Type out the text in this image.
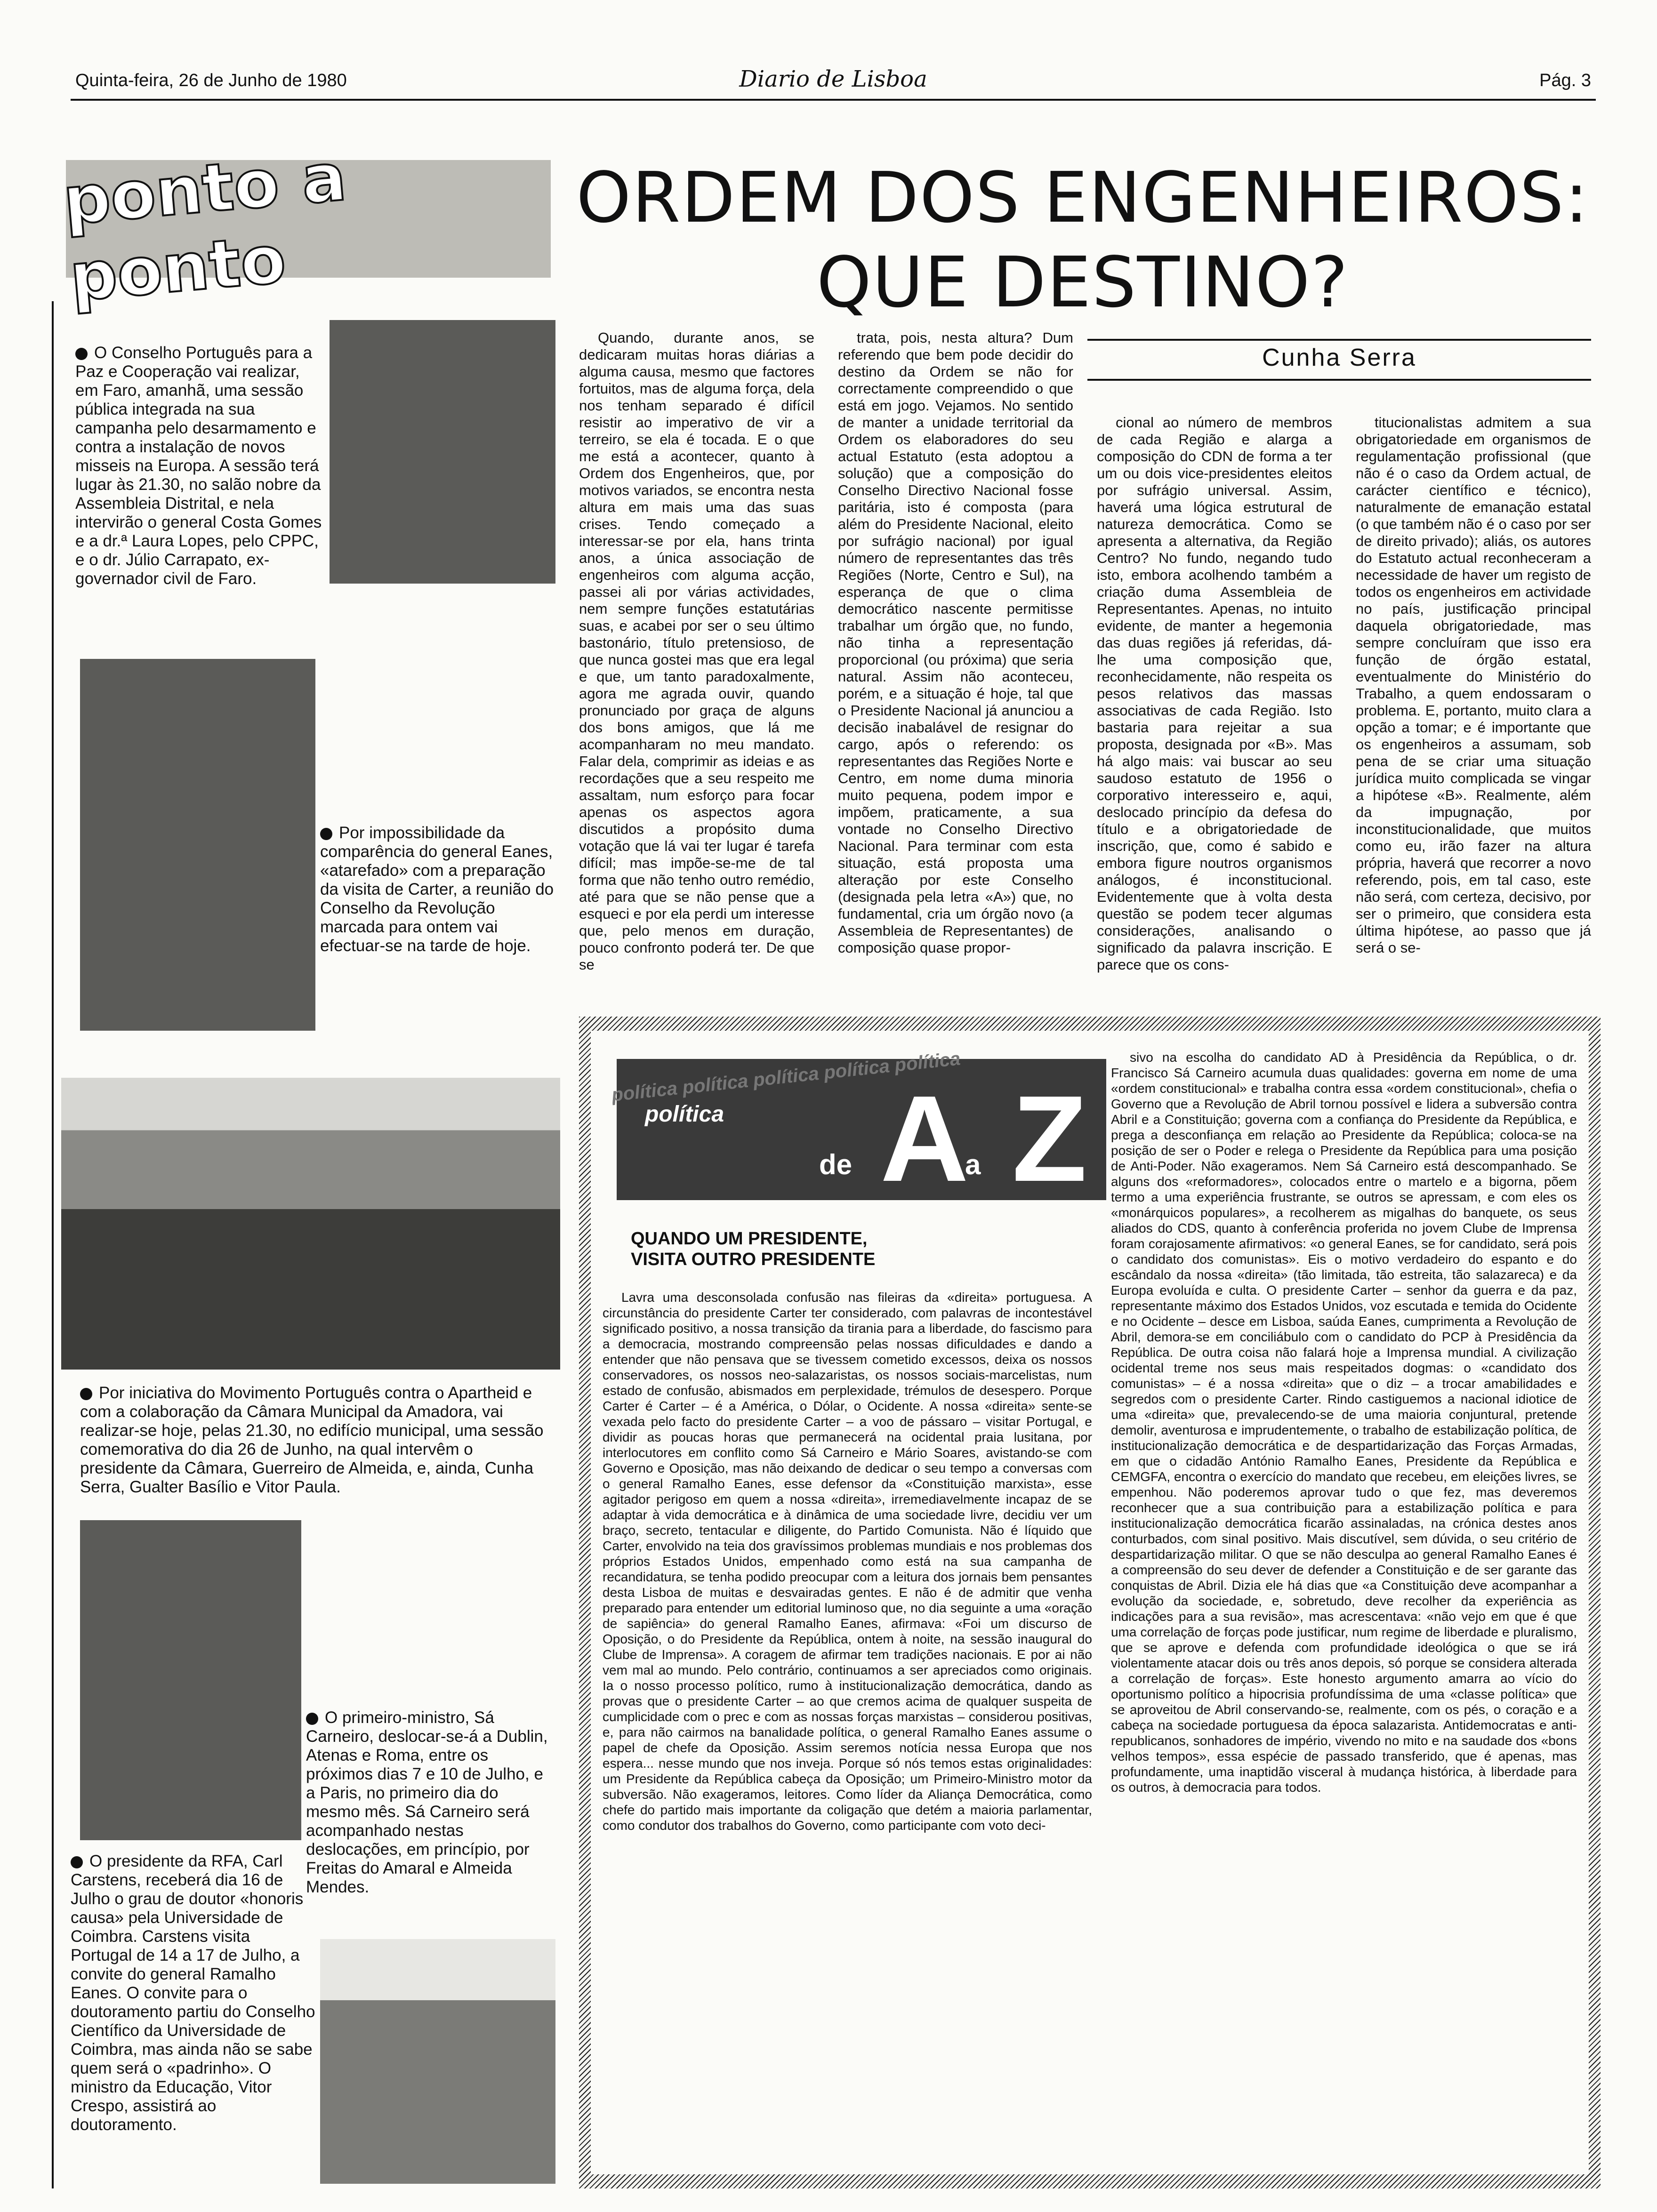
Quinta-feira, 26 de Junho de 1980	Diario de Lisboa	Pág. 3
ponto a ponto
O Conselho Português para a Paz e Cooperação vai realizar, em Faro, amanhã, uma sessão pública integrada na sua campanha pelo desarmamento e contra a instalação de novos misseis na Europa. A sessão terá lugar às 21.30, no salão nobre da Assembleia Distrital, e nela intervirão o general Costa Gomes e a dr.ª Laura Lopes, pelo CPPC, e o dr. Júlio Carrapato, ex-governador civil de Faro.
Por impossibilidade da comparência do general Eanes, «atarefado» com a preparação da visita de Carter, a reunião do Conselho da Revolução marcada para ontem vai efectuar-se na tarde de hoje.
Por iniciativa do Movimento Português contra o Apartheid e com a colaboração da Câmara Municipal da Amadora, vai realizar-se hoje, pelas 21.30, no edifício municipal, uma sessão comemorativa do dia 26 de Junho, na qual intervêm o presidente da Câmara, Guerreiro de Almeida, e, ainda, Cunha Serra, Gualter Basílio e Vitor Paula.
O primeiro-ministro, Sá Carneiro, deslocar-se-á a Dublin, Atenas e Roma, entre os próximos dias 7 e 10 de Julho, e a Paris, no primeiro dia do mesmo mês. Sá Carneiro será acompanhado nestas deslocações, em princípio, por Freitas do Amaral e Almeida Mendes.
O presidente da RFA, Carl Carstens, receberá dia 16 de Julho o grau de doutor «honoris causa» pela Universidade de Coimbra. Carstens visita Portugal de 14 a 17 de Julho, a convite do general Ramalho Eanes. O convite para o doutoramento partiu do Conselho Científico da Universidade de Coimbra, mas ainda não se sabe quem será o «padrinho». O ministro da Educação, Vitor Crespo, assistirá ao doutoramento.
ORDEM DOS ENGENHEIROS:
QUE DESTINO?
Cunha Serra

Quando, durante anos, se dedicaram muitas horas diárias a alguma causa, mesmo que factores fortuitos, mas de alguma força, dela nos tenham separado é difícil resistir ao imperativo de vir a terreiro, se ela é tocada. E o que me está a acontecer, quanto à Ordem dos Engenheiros, que, por motivos variados, se encontra nesta altura em mais uma das suas crises. Tendo começado a interessar-se por ela, hans trinta anos, a única associação de engenheiros com alguma acção, passei ali por várias actividades, nem sempre funções estatutárias suas, e acabei por ser o seu último bastonário, título pretensioso, de que nunca gostei mas que era legal e que, um tanto paradoxalmente, agora me agrada ouvir, quando pronunciado por graça de alguns dos bons amigos, que lá me acompanharam no meu mandato. Falar dela, comprimir as ideias e as recordações que a seu respeito me assaltam, num esforço para focar apenas os aspectos agora discutidos a propósito duma votação que lá vai ter lugar é tarefa difícil; mas impõe-se-me de tal forma que não tenho outro remédio, até para que se não pense que a esqueci e por ela perdi um interesse que, pelo menos em duração, pouco confronto poderá ter. De que se

trata, pois, nesta altura? Dum referendo que bem pode decidir do destino da Ordem se não for correctamente compreendido o que está em jogo. Vejamos. No sentido de manter a unidade territorial da Ordem os elaboradores do seu actual Estatuto (esta adoptou a solução) que a composição do Conselho Directivo Nacional fosse paritária, isto é composta (para além do Presidente Nacional, eleito por sufrágio nacional) por igual número de representantes das três Regiões (Norte, Centro e Sul), na esperança de que o clima democrático nascente permitisse trabalhar um órgão que, no fundo, não tinha a representação proporcional (ou próxima) que seria natural. Assim não aconteceu, porém, e a situação é hoje, tal que o Presidente Nacional já anunciou a decisão inabalável de resignar do cargo, após o referendo: os representantes das Regiões Norte e Centro, em nome duma minoria muito pequena, podem impor e impõem, praticamente, a sua vontade no Conselho Directivo Nacional. Para terminar com esta situação, está proposta uma alteração por este Conselho (designada pela letra «A») que, no fundamental, cria um órgão novo (a Assembleia de Representantes) de composição quase propor-

cional ao número de membros de cada Região e alarga a composição do CDN de forma a ter um ou dois vice-presidentes eleitos por sufrágio universal. Assim, haverá uma lógica estrutural de natureza democrática. Como se apresenta a alternativa, da Região Centro? No fundo, negando tudo isto, embora acolhendo também a criação duma Assembleia de Representantes. Apenas, no intuito evidente, de manter a hegemonia das duas regiões já referidas, dá-lhe uma composição que, reconhecidamente, não respeita os pesos relativos das massas associativas de cada Região. Isto bastaria para rejeitar a sua proposta, designada por «B». Mas há algo mais: vai buscar ao seu saudoso estatuto de 1956 o corporativo interesseiro e, aqui, deslocado princípio da defesa do título e a obrigatoriedade de inscrição, que, como é sabido e embora figure noutros organismos análogos, é inconstitucional. Evidentemente que à volta desta questão se podem tecer algumas considerações, analisando o significado da palavra inscrição. E parece que os cons-

titucionalistas admitem a sua obrigatoriedade em organismos de regulamentação profissional (que não é o caso da Ordem actual, de carácter científico e técnico), naturalmente de emanação estatal (o que também não é o caso por ser de direito privado); aliás, os autores do Estatuto actual reconheceram a necessidade de haver um registo de todos os engenheiros em actividade no país, justificação principal daquela obrigatoriedade, mas sempre concluíram que isso era função de órgão estatal, eventualmente do Ministério do Trabalho, a quem endossaram o problema. E, portanto, muito clara a opção a tomar; e é importante que os engenheiros a assumam, sob pena de se criar uma situação jurídica muito complicada se vingar a hipótese «B». Realmente, além da impugnação, por inconstitucionalidade, que muitos como eu, irão fazer na altura própria, haverá que recorrer a novo referendo, pois, em tal caso, este não será, com certeza, decisivo, por ser o primeiro, que considera esta última hipótese, ao passo que já será o se-

política política política política política
política
de A
a Z
QUANDO UM PRESIDENTE,
VISITA OUTRO PRESIDENTE

Lavra uma desconsolada confusão nas fileiras da «direita» portuguesa. A circunstância do presidente Carter ter considerado, com palavras de incontestável significado positivo, a nossa transição da tirania para a liberdade, do fascismo para a democracia, mostrando compreensão pelas nossas dificuldades e dando a entender que não pensava que se tivessem cometido excessos, deixa os nossos conservadores, os nossos neo-salazaristas, os nossos sociais-marcelistas, num estado de confusão, abismados em perplexidade, trémulos de desespero. Porque Carter é Carter – é a América, o Dólar, o Ocidente. A nossa «direita» sente-se vexada pelo facto do presidente Carter – a voo de pássaro – visitar Portugal, e dividir as poucas horas que permanecerá na ocidental praia lusitana, por interlocutores em conflito como Sá Carneiro e Mário Soares, avistando-se com Governo e Oposição, mas não deixando de dedicar o seu tempo a conversas com o general Ramalho Eanes, esse defensor da «Constituição marxista», esse agitador perigoso em quem a nossa «direita», irremediavelmente incapaz de se adaptar à vida democrática e à dinâmica de uma sociedade livre, decidiu ver um braço, secreto, tentacular e diligente, do Partido Comunista. Não é líquido que Carter, envolvido na teia dos gravíssimos problemas mundiais e nos problemas dos próprios Estados Unidos, empenhado como está na sua campanha de recandidatura, se tenha podido preocupar com a leitura dos jornais bem pensantes desta Lisboa de muitas e desvairadas gentes. E não é de admitir que venha preparado para entender um editorial luminoso que, no dia seguinte a uma «oração de sapiência» do general Ramalho Eanes, afirmava: «Foi um discurso de Oposição, o do Presidente da República, ontem à noite, na sessão inaugural do Clube de Imprensa». A coragem de afirmar tem tradições nacionais. E por ai não vem mal ao mundo. Pelo contrário, continuamos a ser apreciados como originais. Ia o nosso processo político, rumo à institucionalização democrática, dando as provas que o presidente Carter – ao que cremos acima de qualquer suspeita de cumplicidade com o prec e com as nossas forças marxistas – considerou positivas, e, para não cairmos na banalidade política, o general Ramalho Eanes assume o papel de chefe da Oposição. Assim seremos notícia nessa Europa que nos espera... nesse mundo que nos inveja. Porque só nós temos estas originalidades: um Presidente da República cabeça da Oposição; um Primeiro-Ministro motor da subversão. Não exageramos, leitores. Como líder da Aliança Democrática, como chefe do partido mais importante da coligação que detém a maioria parlamentar, como condutor dos trabalhos do Governo, como participante com voto deci-

sivo na escolha do candidato AD à Presidência da República, o dr. Francisco Sá Carneiro acumula duas qualidades: governa em nome de uma «ordem constitucional» e trabalha contra essa «ordem constitucional», chefia o Governo que a Revolução de Abril tornou possível e lidera a subversão contra Abril e a Constituição; governa com a confiança do Presidente da República, e prega a desconfiança em relação ao Presidente da República; coloca-se na posição de ser o Poder e relega o Presidente da República para uma posição de Anti-Poder. Não exageramos. Nem Sá Carneiro está descompanhado. Se alguns dos «reformadores», colocados entre o martelo e a bigorna, põem termo a uma experiência frustrante, se outros se apressam, e com eles os «monárquicos populares», a recolherem as migalhas do banquete, os seus aliados do CDS, quanto à conferência proferida no jovem Clube de Imprensa foram corajosamente afirmativos: «o general Eanes, se for candidato, será pois o candidato dos comunistas». Eis o motivo verdadeiro do espanto e do escândalo da nossa «direita» (tão limitada, tão estreita, tão salazareca) e da Europa evoluída e culta. O presidente Carter – senhor da guerra e da paz, representante máximo dos Estados Unidos, voz escutada e temida do Ocidente e no Ocidente – desce em Lisboa, saúda Eanes, cumprimenta a Revolução de Abril, demora-se em conciliábulo com o candidato do PCP à Presidência da República. De outra coisa não falará hoje a Imprensa mundial. A civilização ocidental treme nos seus mais respeitados dogmas: o «candidato dos comunistas» – é a nossa «direita» que o diz – a trocar amabilidades e segredos com o presidente Carter. Rindo castiguemos a nacional idiotice de uma «direita» que, prevalecendo-se de uma maioria conjuntural, pretende demolir, aventurosa e imprudentemente, o trabalho de estabilização política, de institucionalização democrática e de despartidarização das Forças Armadas, em que o cidadão António Ramalho Eanes, Presidente da República e CEMGFA, encontra o exercício do mandato que recebeu, em eleições livres, se empenhou. Não poderemos aprovar tudo o que fez, mas deveremos reconhecer que a sua contribuição para a estabilização política e para institucionalização democrática ficarão assinaladas, na crónica destes anos conturbados, com sinal positivo. Mais discutível, sem dúvida, o seu critério de despartidarização militar. O que se não desculpa ao general Ramalho Eanes é a compreensão do seu dever de defender a Constituição e de ser garante das conquistas de Abril. Dizia ele há dias que «a Constituição deve acompanhar a evolução da sociedade, e, sobretudo, deve recolher da experiência as indicações para a sua revisão», mas acrescentava: «não vejo em que é que uma correlação de forças pode justificar, num regime de liberdade e pluralismo, que se aprove e defenda com profundidade ideológica o que se irá violentamente atacar dois ou três anos depois, só porque se considera alterada a correlação de forças». Este honesto argumento amarra ao vício do oportunismo político a hipocrisia profundíssima de uma «classe política» que se aproveitou de Abril conservando-se, realmente, com os pés, o coração e a cabeça na sociedade portuguesa da época salazarista. Antidemocratas e anti-republicanos, sonhadores de império, vivendo no mito e na saudade dos «bons velhos tempos», essa espécie de passado transferido, que é apenas, mas profundamente, uma inaptidão visceral à mudança histórica, à liberdade para os outros, à democracia para todos.
